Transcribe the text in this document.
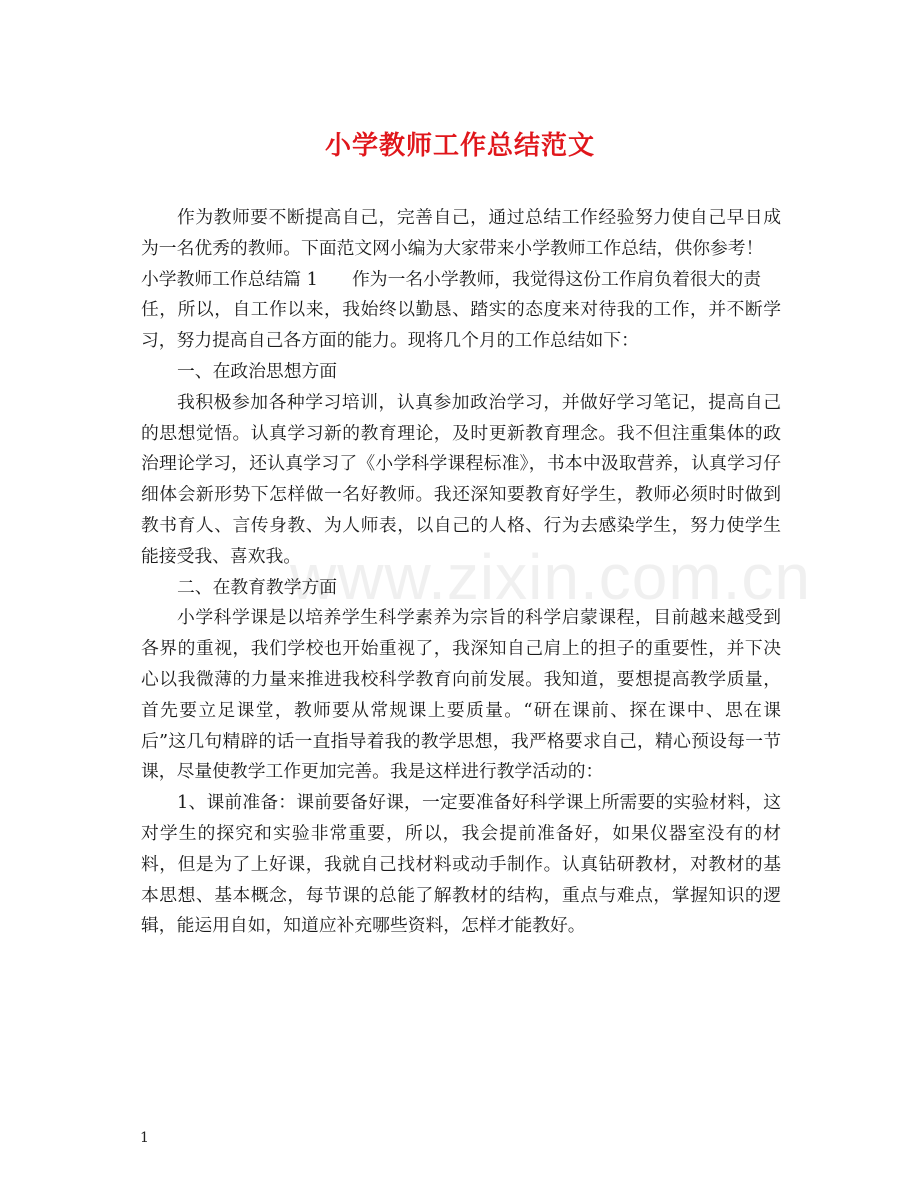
www.zixin.com.cn
小学教师工作总结范文

作为教师要不断提高自己，完善自己，通过总结工作经验努力使自己早日成为一名优秀的教师。下面范文网小编为大家带来小学教师工作总结，供你参考！

小学教师工作总结篇 1 作为一名小学教师，我觉得这份工作肩负着很大的责

任，所以，自工作以来，我始终以勤恳、踏实的态度来对待我的工作，并不断学习，努力提高自己各方面的能力。现将几个月的工作总结如下：

一、在政治思想方面

我积极参加各种学习培训，认真参加政治学习，并做好学习笔记，提高自己的思想觉悟。认真学习新的教育理论，及时更新教育理念。我不但注重集体的政治理论学习，还认真学习了《小学科学课程标准》，书本中汲取营养，认真学习仔细体会新形势下怎样做一名好教师。我还深知要教育好学生，教师必须时时做到教书育人、言传身教、为人师表，以自己的人格、行为去感染学生，努力使学生能接受我、喜欢我。

二、在教育教学方面

小学科学课是以培养学生科学素养为宗旨的科学启蒙课程，目前越来越受到各界的重视，我们学校也开始重视了，我深知自己肩上的担子的重要性，并下决心以我微薄的力量来推进我校科学教育向前发展。我知道，要想提高教学质量，首先要立足课堂，教师要从常规课上要质量。“研在课前、探在课中、思在课后”这几句精辟的话一直指导着我的教学思想，我严格要求自己，精心预设每一节课，尽量使教学工作更加完善。我是这样进行教学活动的：

1、课前准备：课前要备好课，一定要准备好科学课上所需要的实验材料，这对学生的探究和实验非常重要，所以，我会提前准备好，如果仪器室没有的材料，但是为了上好课，我就自己找材料或动手制作。认真钻研教材，对教材的基本思想、基本概念，每节课的总能了解教材的结构，重点与难点，掌握知识的逻辑，能运用自如，知道应补充哪些资料，怎样才能教好。

1
